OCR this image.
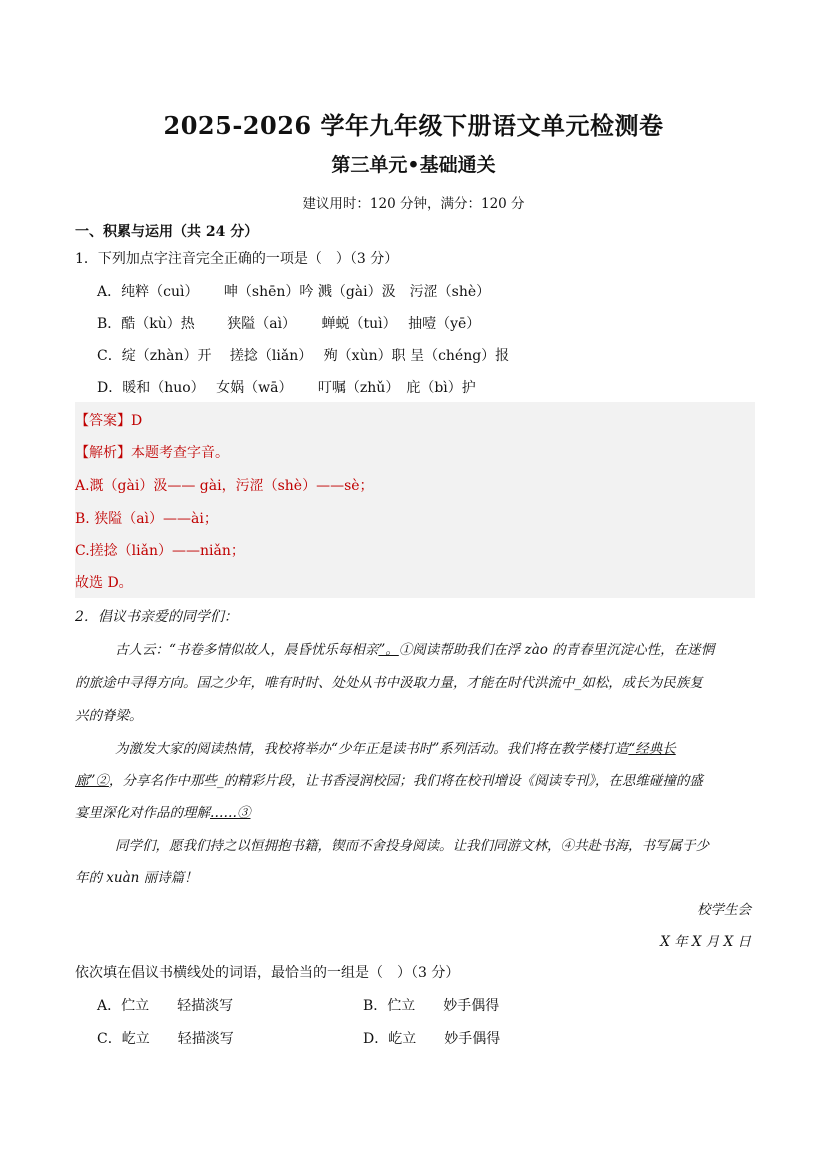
2025-2026 学年九年级下册语文单元检测卷
第三单元•基础通关
建议用时：120 分钟，满分：120 分
一、积累与运用（共 24 分）
1．下列加点字注音完全正确的一项是（　）（3 分）
A．纯粹（cuì）　　 呻（shēn）吟 溅（gài）汲　污涩（shè）
B．酷（kù）热　　 狭隘（aì）　　 蝉蜕（tuì）　 抽噎（yē）
C．绽（zhàn）开　 搓捻（liǎn）　 殉（xùn）职 呈（chéng）报
D．暖和（huo）　 女娲（wā）　　 叮嘱（zhǔ）　庇（bì）护
【答案】D
【解析】本题考查字音。
A.溉（gài）汲—— gài，污涩（shè）——sè；
B. 狭隘（aì）——ài；
C.搓捻（liǎn）——niǎn；
故选 D。
2．倡议书亲爱的同学们：
古人云：“书卷多情似故人，晨昏忧乐每相亲”。①阅读帮助我们在浮 zào 的青春里沉淀心性，在迷惘
的旅途中寻得方向。国之少年，唯有时时、处处从书中汲取力量，才能在时代洪流中_如松，成长为民族复
兴的脊梁。
为激发大家的阅读热情，我校将举办“少年正是读书时”系列活动。我们将在教学楼打造“经典长
廊”②，分享名作中那些_的精彩片段，让书香浸润校园；我们将在校刊增设《阅读专刊》，在思维碰撞的盛
宴里深化对作品的理解……③
同学们，愿我们持之以恒拥抱书籍，锲而不舍投身阅读。让我们同游文林，④共赴书海，书写属于少
年的 xuàn 丽诗篇！
校学生会
X 年 X 月 X 日
依次填在倡议书横线处的词语，最恰当的一组是（　）（3 分）
A．伫立　　轻描淡写	B．伫立　　妙手偶得
C．屹立　　轻描淡写	D．屹立　　妙手偶得
